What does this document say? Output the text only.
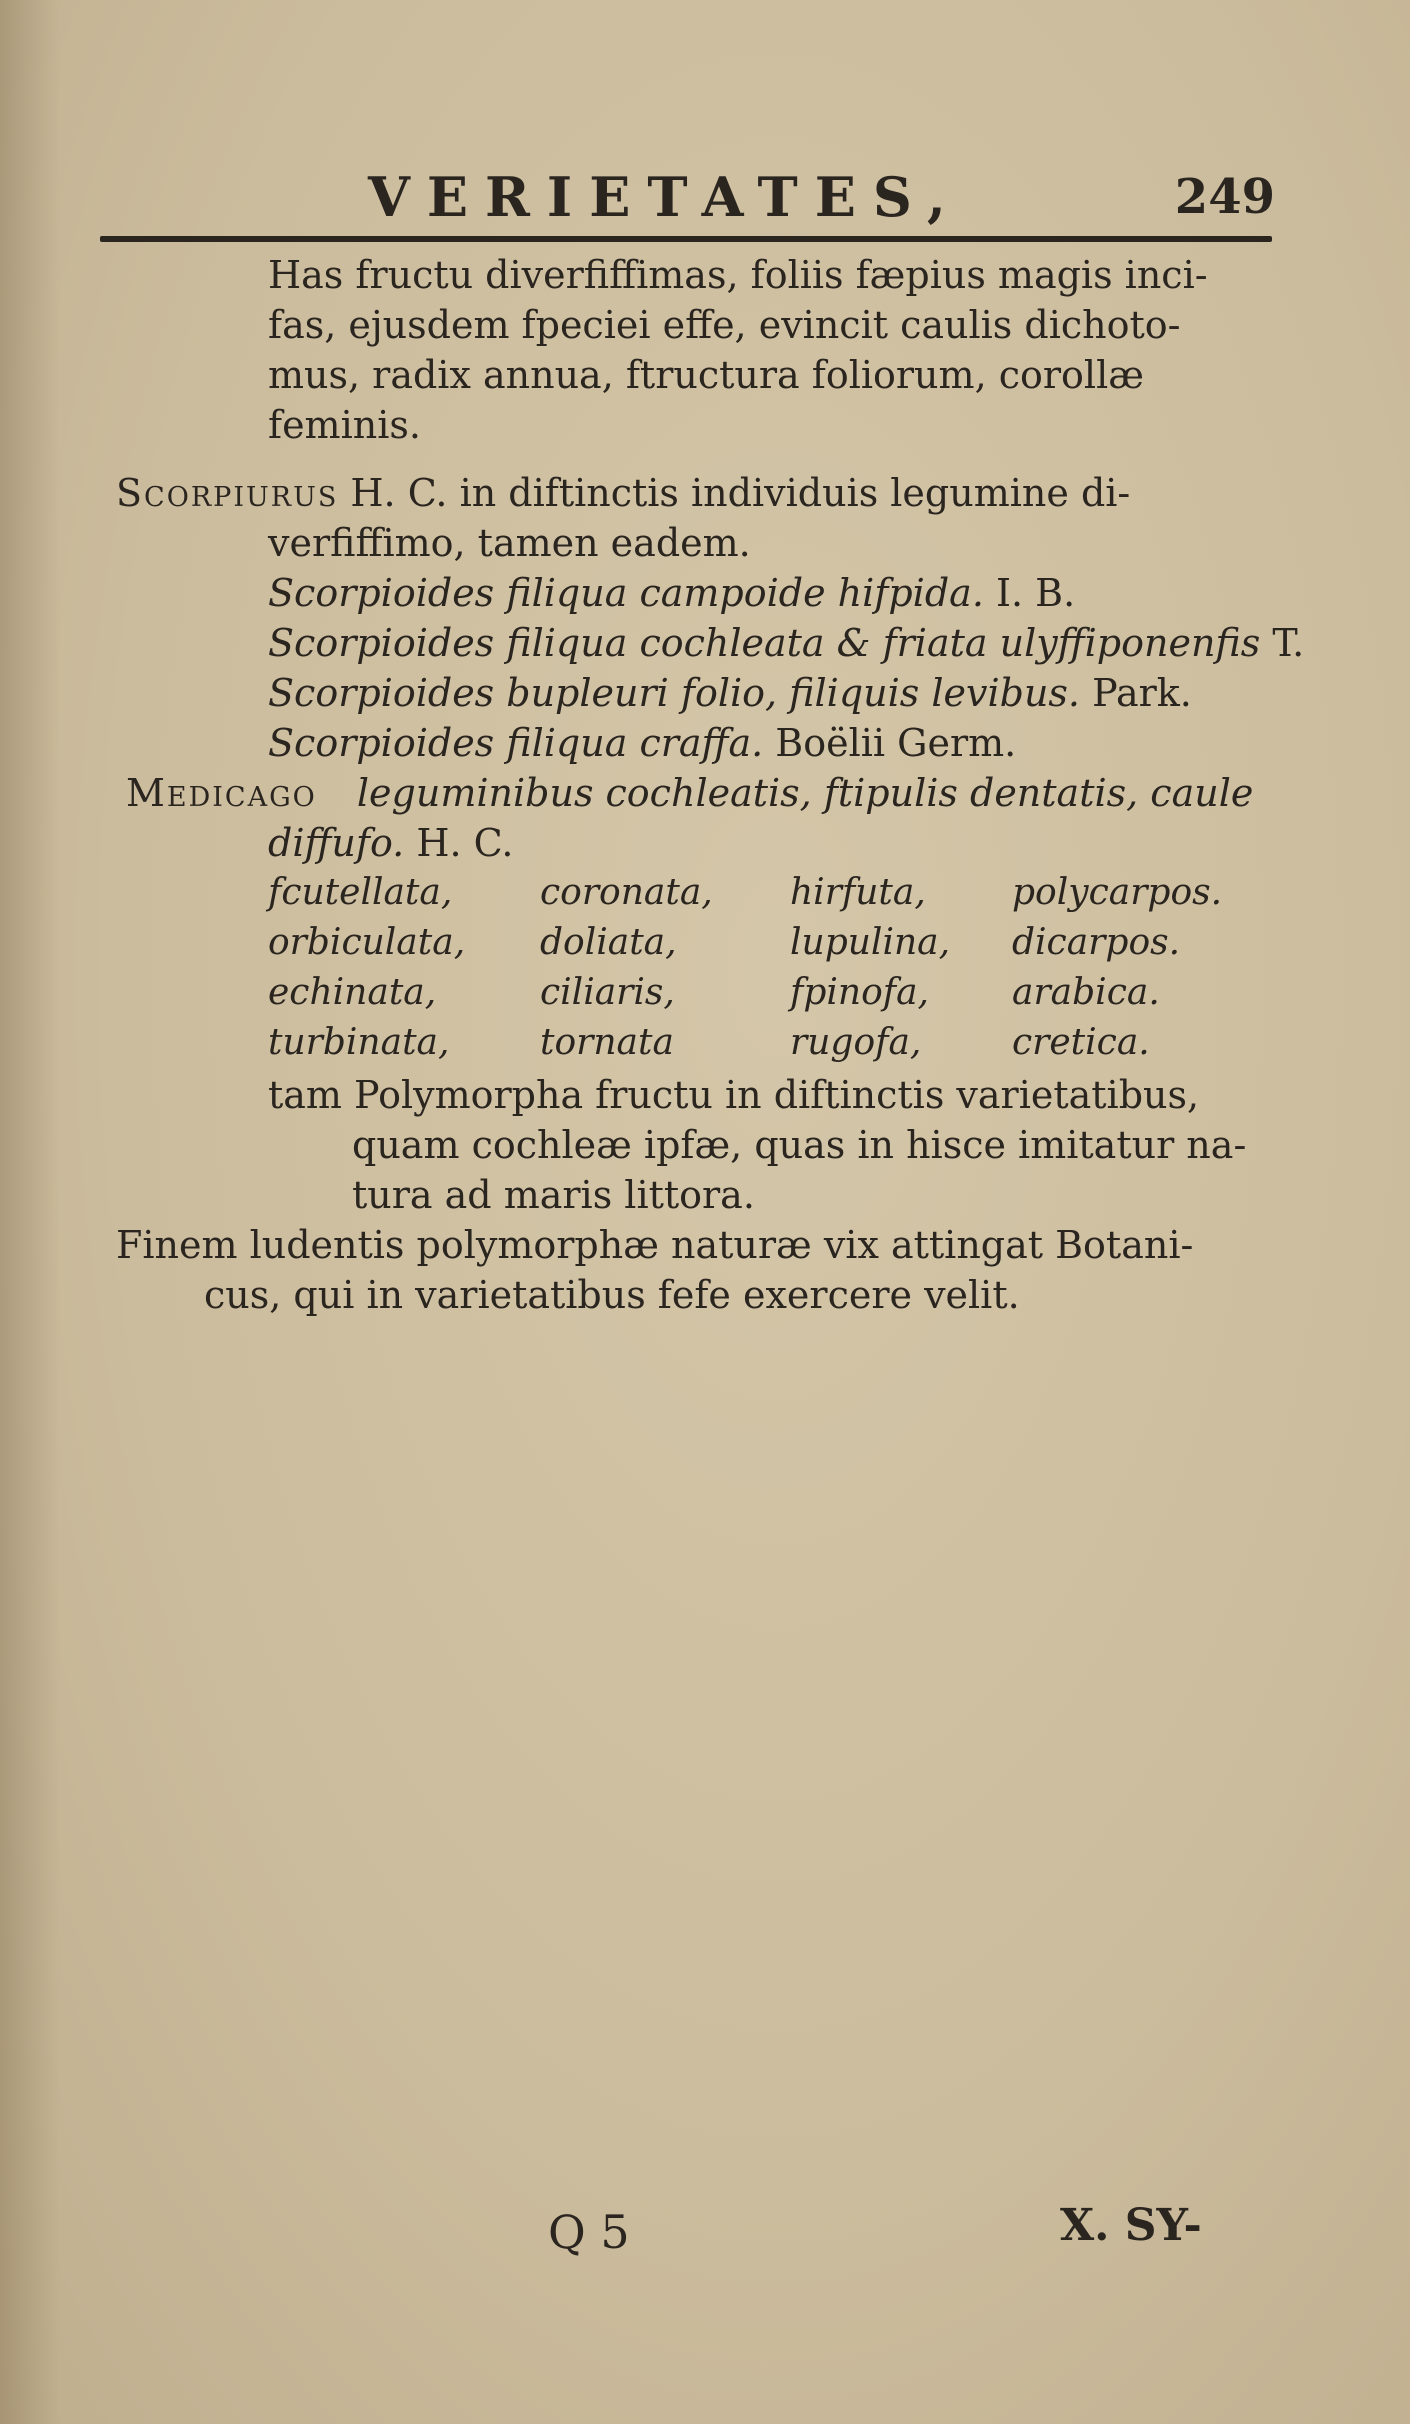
VERIETATES,	249
Has fructu diverfiffimas, foliis fæpius magis inci-
fas, ejusdem fpeciei effe, evincit caulis dichoto-
mus, radix annua, ftructura foliorum, corollæ
feminis.
Scorpiurus H. C. in diftinctis individuis legumine di-
verfiffimo, tamen eadem.
Scorpioides filiqua campoide hifpida. I. B.
Scorpioides filiqua cochleata & friata ulyffiponenfis T.
Scorpioides bupleuri folio, filiquis levibus. Park.
Scorpioides filiqua craffa. Boëlii Germ.
Medicago leguminibus cochleatis, ftipulis dentatis, caule
diffufo. H. C.
fcutellata, coronata, hirfuta, polycarpos.
orbiculata, doliata,	lupulina, dicarpos.
echinata,	ciliaris,	fpinofa, arabica.
turbinata,	tornata	rugofa,	cretica.
tam Polymorpha fructu in diftinctis varietatibus,
quam cochleæ ipfæ, quas in hisce imitatur na-
tura ad maris littora.
Finem ludentis polymorphæ naturæ vix attingat Botani-
cus, qui in varietatibus fefe exercere velit.
Q 5	X. SY-
